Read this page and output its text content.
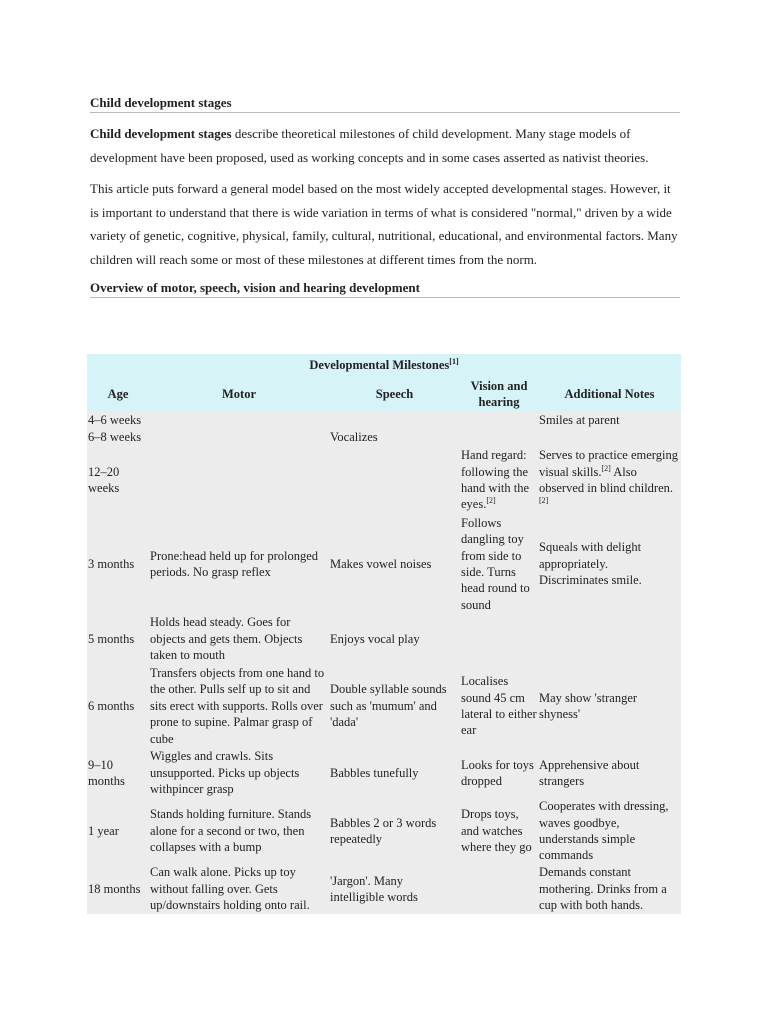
Child development stages

Child development stages describe theoretical milestones of child development. Many stage models of development have been proposed, used as working concepts and in some cases asserted as nativist theories.

This article puts forward a general model based on the most widely accepted developmental stages. However, it is important to understand that there is wide variation in terms of what is considered "normal," driven by a wide variety of genetic, cognitive, physical, family, cultural, nutritional, educational, and environmental factors. Many children will reach some or most of these milestones at different times from the norm.

Overview of motor, speech, vision and hearing development
Developmental Milestones[1]
Age	Motor	Speech	Vision and hearing	Additional Notes
4–6 weeks				Smiles at parent
6–8 weeks		Vocalizes		
12–20 weeks			Hand regard: following the hand with the eyes.[2]	Serves to practice emerging visual skills.[2] Also observed in blind children.[2]
3 months	Prone:head held up for prolonged periods. No grasp reflex	Makes vowel noises	Follows dangling toy from side to side. Turns head round to sound	Squeals with delight appropriately. Discriminates smile.
5 months	Holds head steady. Goes for objects and gets them. Objects taken to mouth	Enjoys vocal play		
6 months	Transfers objects from one hand to the other. Pulls self up to sit and sits erect with supports. Rolls over prone to supine. Palmar grasp of cube	Double syllable sounds such as 'mumum' and 'dada'	Localises sound 45 cm lateral to either ear	May show 'stranger shyness'
9–10 months	Wiggles and crawls. Sits unsupported. Picks up objects withpincer grasp	Babbles tunefully	Looks for toys dropped	Apprehensive about strangers
1 year	Stands holding furniture. Stands alone for a second or two, then collapses with a bump	Babbles 2 or 3 words repeatedly	Drops toys, and watches where they go	Cooperates with dressing, waves goodbye, understands simple commands
18 months	Can walk alone. Picks up toy without falling over. Gets up/downstairs holding onto rail.	'Jargon'. Many intelligible words		Demands constant mothering. Drinks from a cup with both hands.
